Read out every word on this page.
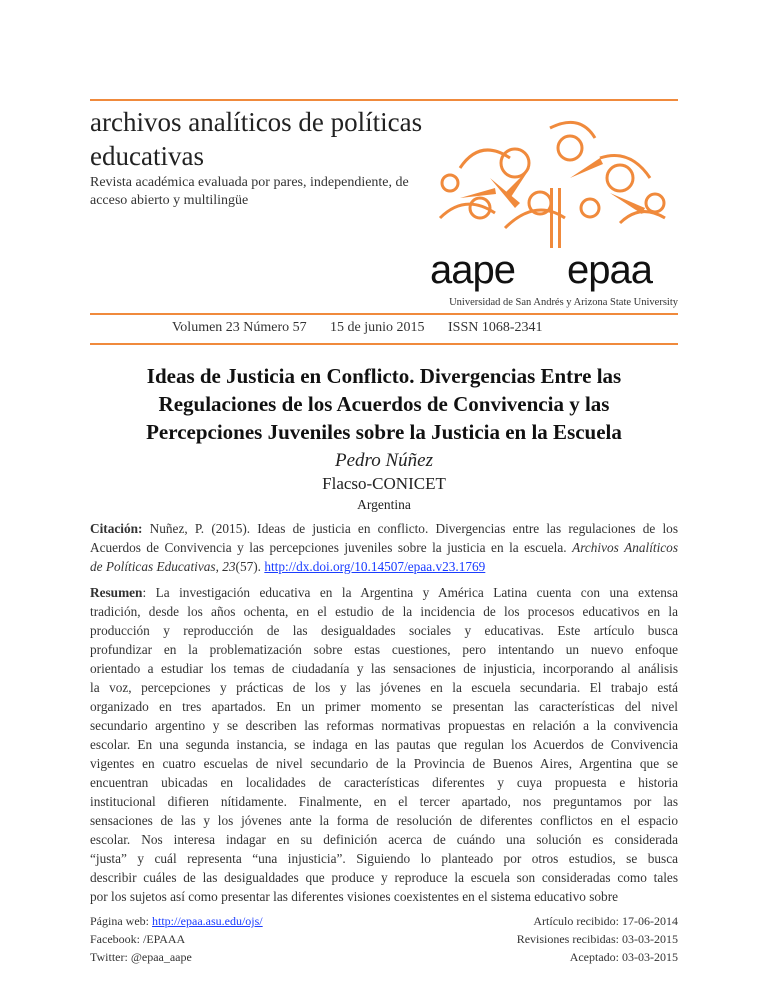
archivos analíticos de políticas
educativas
Revista académica evaluada por pares, independiente, de
acceso abierto y multilingüe
aape epaa
Universidad de San Andrés y Arizona State University
Volumen 23 Número 57 15 de junio 2015 ISSN 1068-2341
Ideas de Justicia en Conflicto. Divergencias Entre las
Regulaciones de los Acuerdos de Convivencia y las
Percepciones Juveniles sobre la Justicia en la Escuela
Pedro Núñez
Flacso-CONICET
Argentina
Citación: Nuñez, P. (2015). Ideas de justicia en conflicto. Divergencias entre las regulaciones de los
Acuerdos de Convivencia y las percepciones juveniles sobre la justicia en la escuela. Archivos Analíticos
de Políticas Educativas, 23(57). http://dx.doi.org/10.14507/epaa.v23.1769
Resumen: La investigación educativa en la Argentina y América Latina cuenta con una extensa
tradición, desde los años ochenta, en el estudio de la incidencia de los procesos educativos en la
producción y reproducción de las desigualdades sociales y educativas. Este artículo busca
profundizar en la problematización sobre estas cuestiones, pero intentando un nuevo enfoque
orientado a estudiar los temas de ciudadanía y las sensaciones de injusticia, incorporando al análisis
la voz, percepciones y prácticas de los y las jóvenes en la escuela secundaria. El trabajo está
organizado en tres apartados. En un primer momento se presentan las características del nivel
secundario argentino y se describen las reformas normativas propuestas en relación a la convivencia
escolar. En una segunda instancia, se indaga en las pautas que regulan los Acuerdos de Convivencia
vigentes en cuatro escuelas de nivel secundario de la Provincia de Buenos Aires, Argentina que se
encuentran ubicadas en localidades de características diferentes y cuya propuesta e historia
institucional difieren nítidamente. Finalmente, en el tercer apartado, nos preguntamos por las
sensaciones de las y los jóvenes ante la forma de resolución de diferentes conflictos en el espacio
escolar. Nos interesa indagar en su definición acerca de cuándo una solución es considerada
“justa” y cuál representa “una injusticia”. Siguiendo lo planteado por otros estudios, se busca
describir cuáles de las desigualdades que produce y reproduce la escuela son consideradas como tales
por los sujetos así como presentar las diferentes visiones coexistentes en el sistema educativo sobre
Página web: http://epaa.asu.edu/ojs/
Facebook: /EPAAA
Twitter: @epaa_aape
Artículo recibido: 17-06-2014
Revisiones recibidas: 03-03-2015
Aceptado: 03-03-2015
